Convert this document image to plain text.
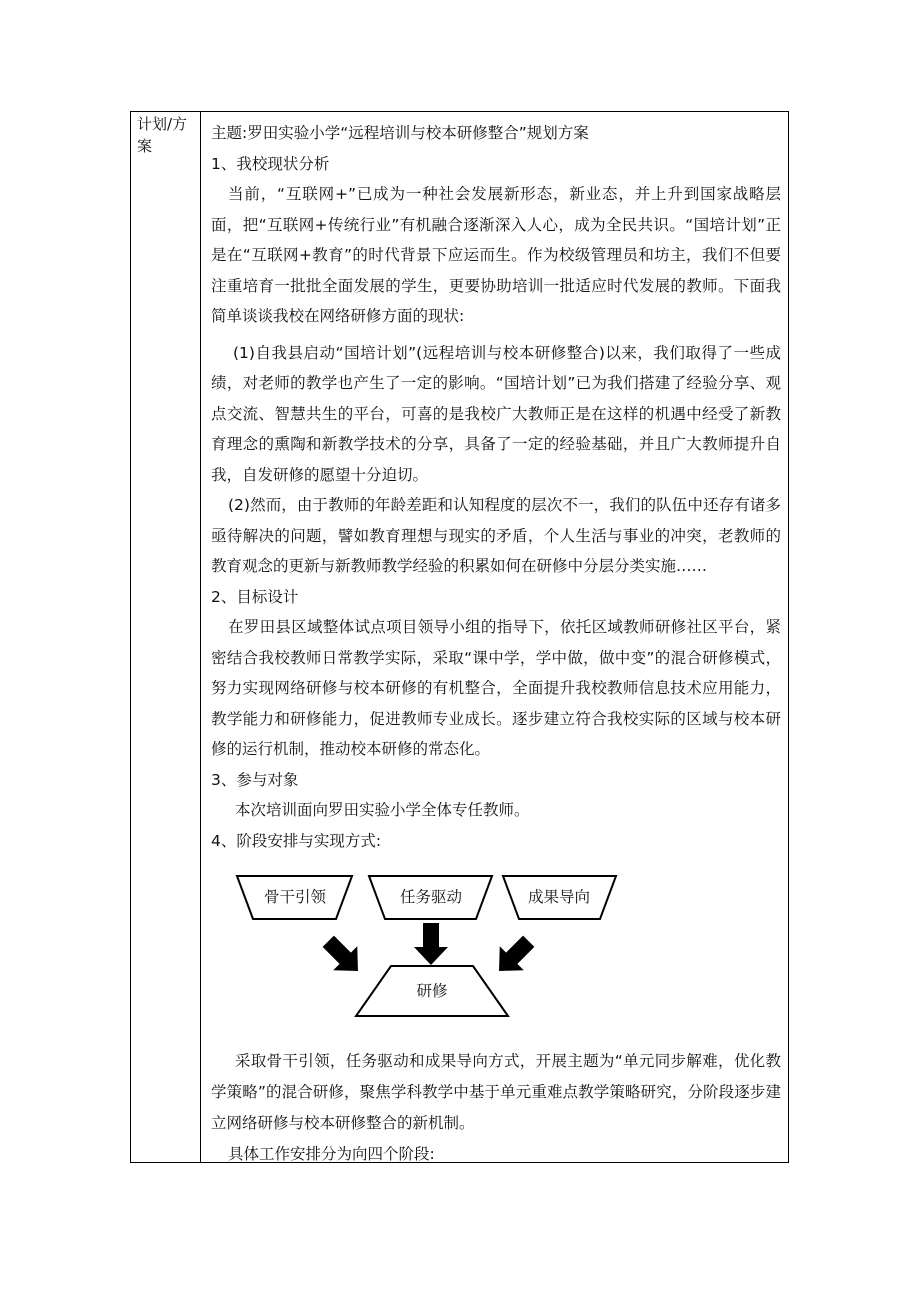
计划/方案

主题:罗田实验小学“远程培训与校本研修整合”规划方案

1、我校现状分析

当前，“互联网+”已成为一种社会发展新形态，新业态，并上升到国家战略层面，把“互联网+传统行业”有机融合逐渐深入人心，成为全民共识。“国培计划”正是在“互联网+教育”的时代背景下应运而生。作为校级管理员和坊主，我们不但要注重培育一批批全面发展的学生，更要协助培训一批适应时代发展的教师。下面我简单谈谈我校在网络研修方面的现状:

(1)自我县启动“国培计划”(远程培训与校本研修整合)以来，我们取得了一些成绩，对老师的教学也产生了一定的影响。“国培计划”已为我们搭建了经验分享、观点交流、智慧共生的平台，可喜的是我校广大教师正是在这样的机遇中经受了新教育理念的熏陶和新教学技术的分享，具备了一定的经验基础，并且广大教师提升自我，自发研修的愿望十分迫切。

(2)然而，由于教师的年龄差距和认知程度的层次不一，我们的队伍中还存有诸多亟待解决的问题，譬如教育理想与现实的矛盾，个人生活与事业的冲突，老教师的教育观念的更新与新教师教学经验的积累如何在研修中分层分类实施……

2、目标设计

在罗田县区域整体试点项目领导小组的指导下，依托区域教师研修社区平台，紧密结合我校教师日常教学实际，采取“课中学，学中做，做中变”的混合研修模式，努力实现网络研修与校本研修的有机整合，全面提升我校教师信息技术应用能力，教学能力和研修能力，促进教师专业成长。逐步建立符合我校实际的区域与校本研修的运行机制，推动校本研修的常态化。

3、参与对象

本次培训面向罗田实验小学全体专任教师。

4、阶段安排与实现方式:

骨干引领	任务驱动	成果导向
研修

采取骨干引领，任务驱动和成果导向方式，开展主题为“单元同步解难，优化教学策略”的混合研修，聚焦学科教学中基于单元重难点教学策略研究，分阶段逐步建立网络研修与校本研修整合的新机制。

具体工作安排分为向四个阶段:
